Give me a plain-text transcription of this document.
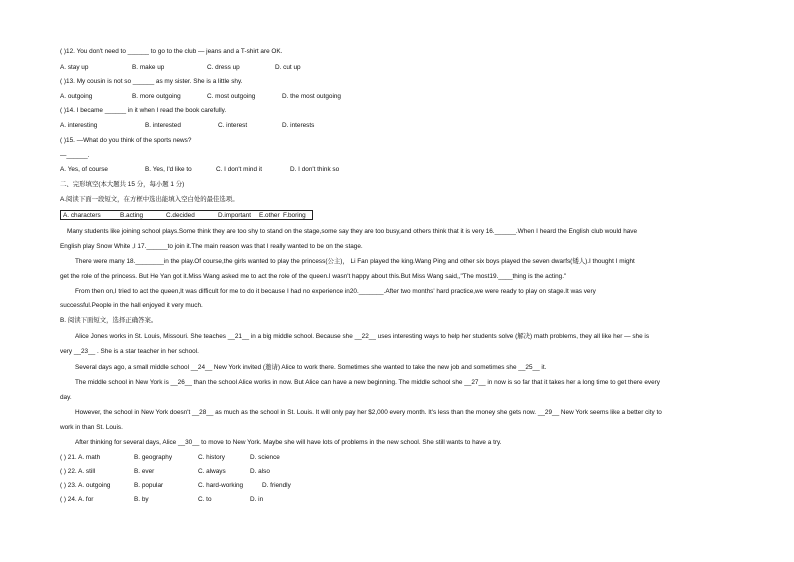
( )12. You don't need to ______ to go to the club — jeans and a T-shirt are OK.
A. stay up	B. make up	C. dress up	D. cut up
( )13. My cousin is not so ______ as my sister. She is a little shy.
A. outgoing	B. more outgoing	C. most outgoing	D. the most outgoing
( )14. I became ______ in it when I read the book carefully.
A. interesting	B. interested	C. interest	D. interests
( )15. —What do you think of the sports news?
—______.
A. Yes, of course	B. Yes, I'd like to	C. I don't mind it	D. I don't think so
二、完形填空(本大题共 15 分，每小题 1 分)
A.阅读下面一段短文，在方框中选出能填入空白处的最佳选项。
A. characters	B.acting	C.decided	D.important E.other F.boring
Many students like joining school plays.Some think they are too shy to stand on the stage,some say they are too busy,and others think that it is very 16.______.When I heard the English club would have
English play Snow White ,I 17.______to join it.The main reason was that I really wanted to be on the stage.
There were many 18.________in the play.Of course,the girls wanted to play the princess(公主)， Li Fan played the king.Wang Ping and other six boys played the seven dwarfs(矮人).I thought I might
get the role of the princess. But He Yan got it.Miss Wang asked me to act the role of the queen.I wasn't happy about this.But Miss Wang said,,"The most19.____thing is the acting."
From then on,I tried to act the queen,It was difficult for me to do it because I had no experience in20._______.After two months' hard practice,we were ready to play on stage.It was very
successful.People in the hall enjoyed it very much.
B. 阅读下面短文，选择正确答案。
Alice Jones works in St. Louis, Missouri. She teaches __21__ in a big middle school. Because she __22__ uses interesting ways to help her students solve (解决) math problems, they all like her — she is
very __23__ . She is a star teacher in her school.
Several days ago, a small middle school __24__ New York invited (邀请) Alice to work there. Sometimes she wanted to take the new job and sometimes she __25__ it.
The middle school in New York is __26__ than the school Alice works in now. But Alice can have a new beginning. The middle school she __27__ in now is so far that it takes her a long time to get there every
day.
However, the school in New York doesn't __28__ as much as the school in St. Louis. It will only pay her $2,000 every month. It's less than the money she gets now. __29__ New York seems like a better city to
work in than St. Louis.
After thinking for several days, Alice __30__ to move to New York. Maybe she will have lots of problems in the new school. She still wants to have a try.
( ) 21. A. math	B. geography	C. history	D. science
( ) 22. A. still	B. ever	C. always	D. also
( ) 23. A. outgoing	B. popular	C. hard-working	D. friendly
( ) 24. A. for	B. by	C. to	D. in
